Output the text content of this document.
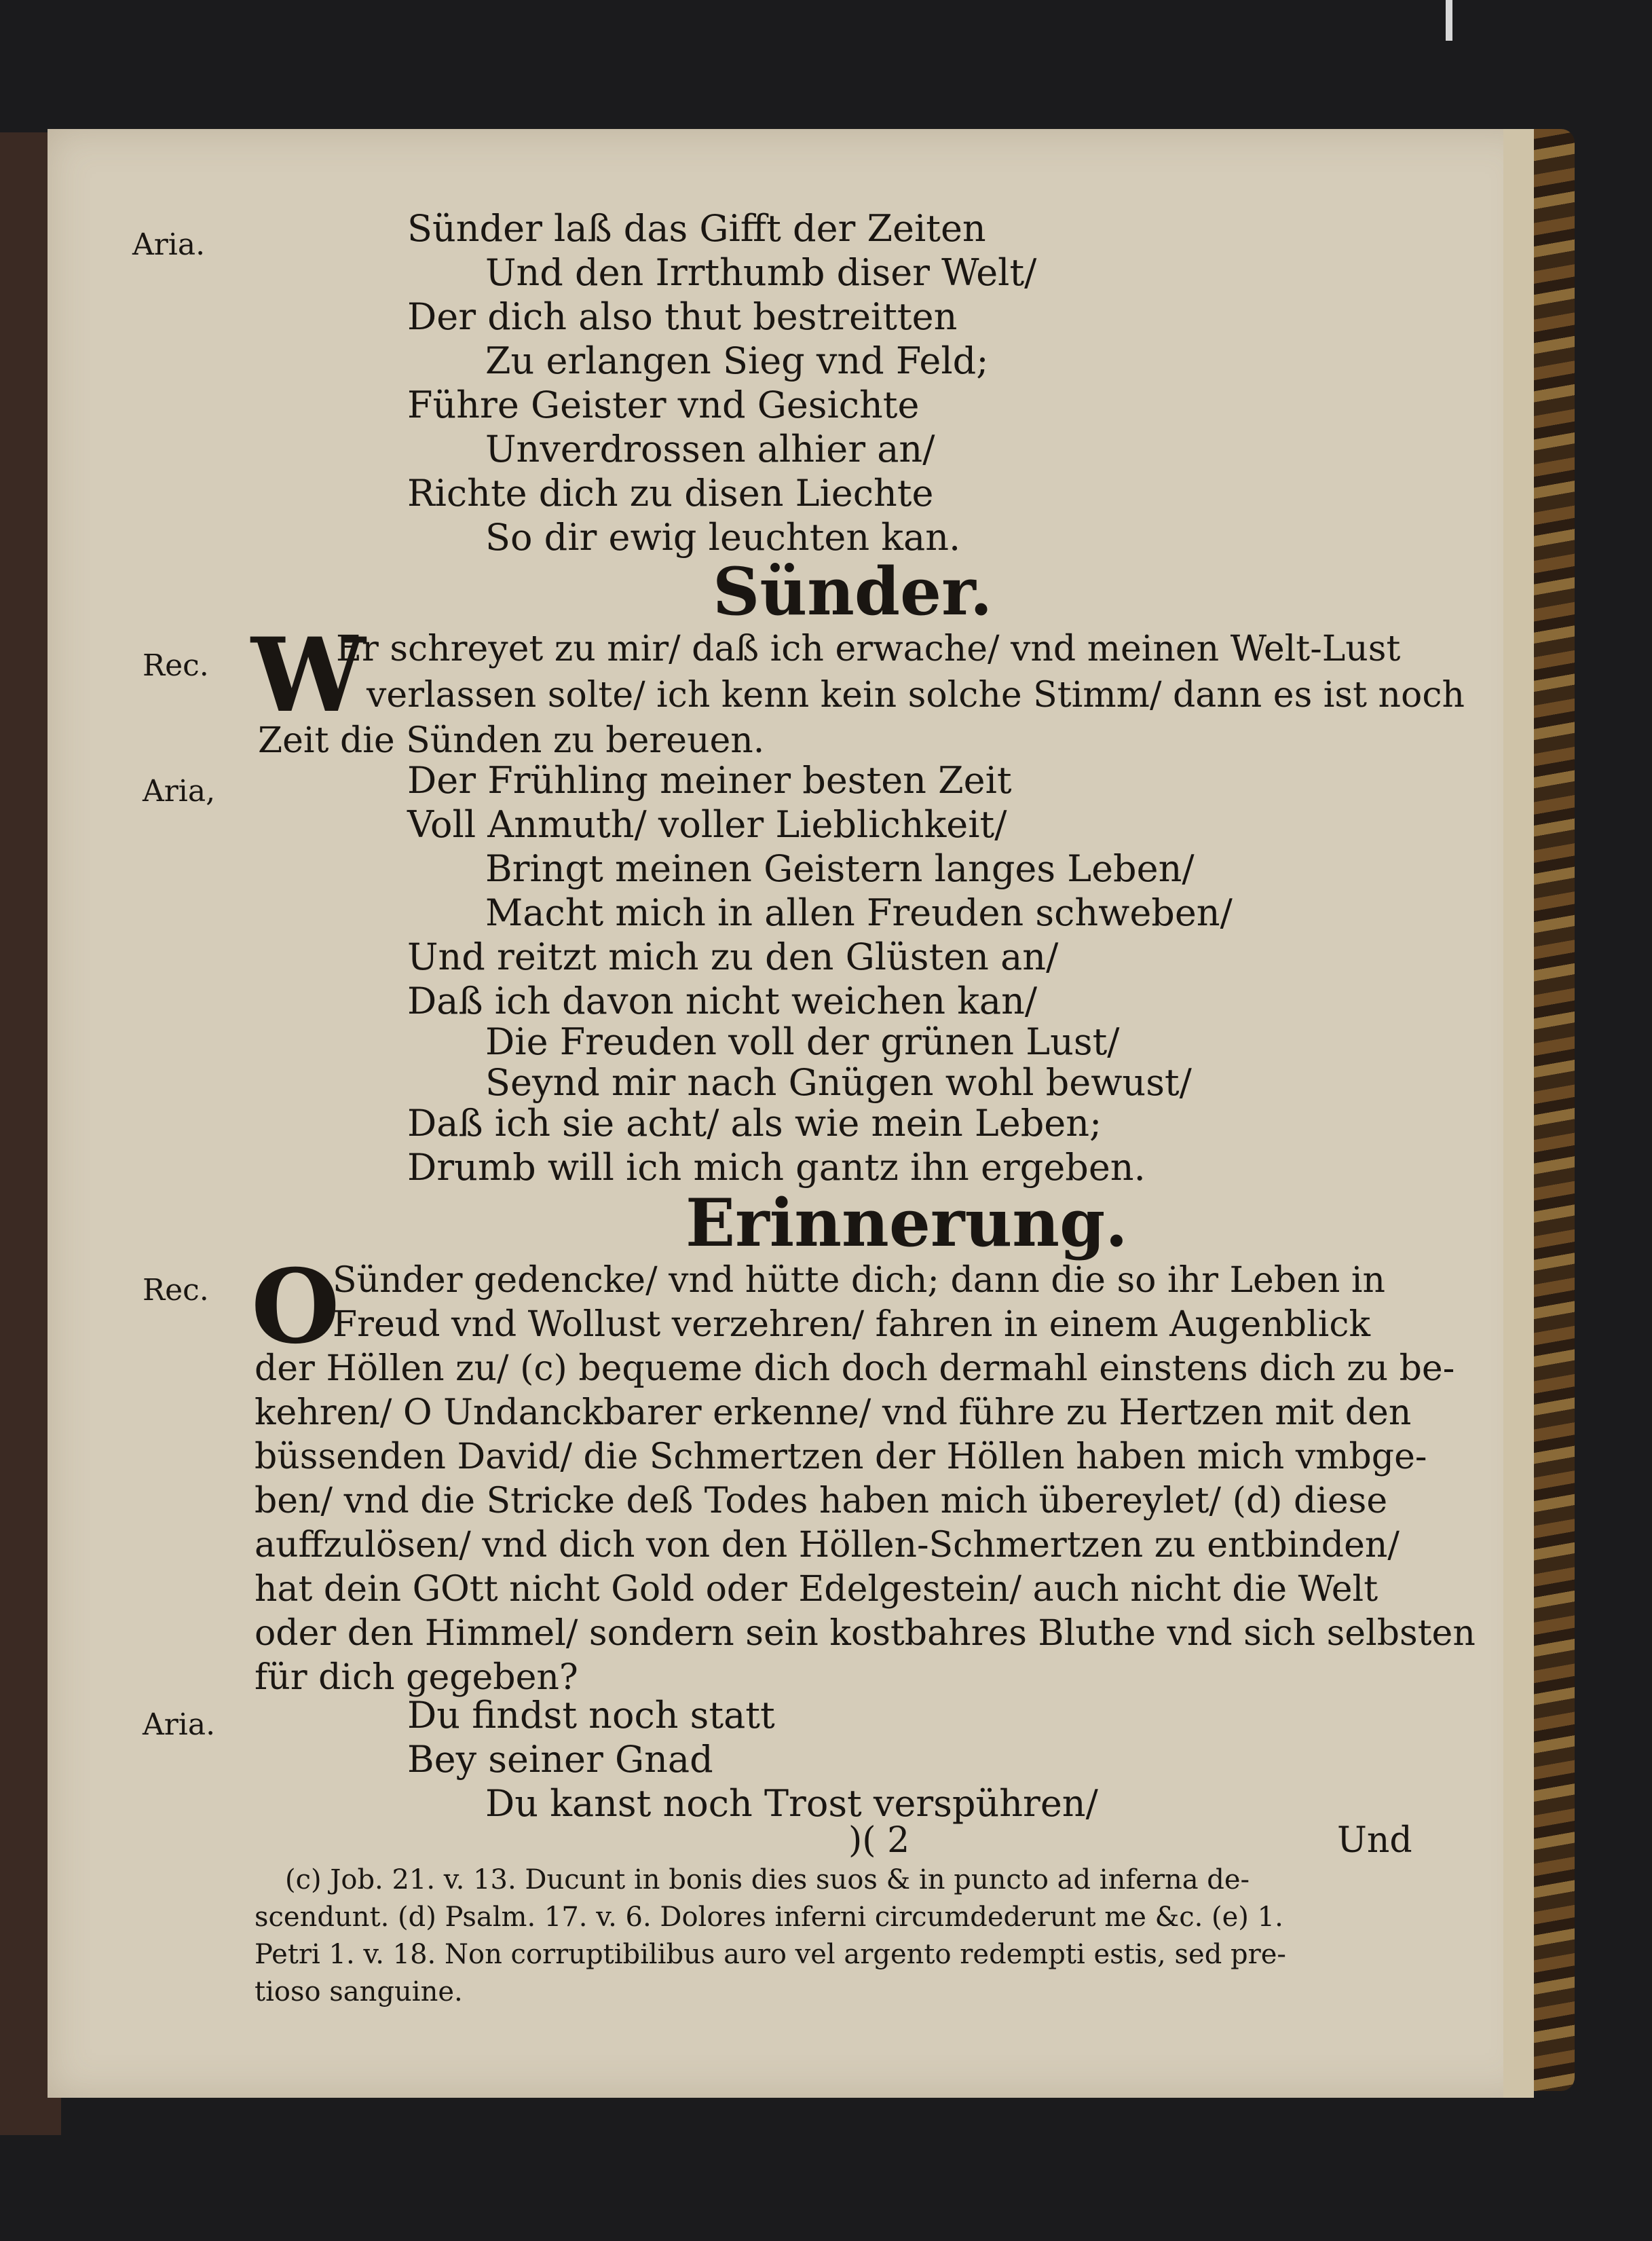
Aria.	Sünder laß das Gifft der Zeiten
Und den Irrthumb diser Welt/
Der dich also thut bestreitten
Zu erlangen Sieg vnd Feld;
Führe Geister vnd Gesichte
Unverdrossen alhier an/
Richte dich zu disen Liechte
So dir ewig leuchten kan.
Sünder.
Rec. W
Er schreyet zu mir/ daß ich erwache/ vnd meinen Welt-Lust
verlassen solte/ ich kenn kein solche Stimm/ dann es ist noch
Zeit die Sünden zu bereuen.
Aria,	Der Frühling meiner besten Zeit
Voll Anmuth/ voller Lieblichkeit/
Bringt meinen Geistern langes Leben/
Macht mich in allen Freuden schweben/
Und reitzt mich zu den Glüsten an/
Daß ich davon nicht weichen kan/
Die Freuden voll der grünen Lust/
Seynd mir nach Gnügen wohl bewust/
Daß ich sie acht/ als wie mein Leben;
Drumb will ich mich gantz ihn ergeben.
Erinnerung.
Rec. O
Sünder gedencke/ vnd hütte dich; dann die so ihr Leben in
Freud vnd Wollust verzehren/ fahren in einem Augenblick
der Höllen zu/ (c) bequeme dich doch dermahl einstens dich zu be-
kehren/ O Undanckbarer erkenne/ vnd führe zu Hertzen mit den
büssenden David/ die Schmertzen der Höllen haben mich vmbge-
ben/ vnd die Stricke deß Todes haben mich übereylet/ (d) diese
auffzulösen/ vnd dich von den Höllen-Schmertzen zu entbinden/
hat dein GOtt nicht Gold oder Edelgestein/ auch nicht die Welt
oder den Himmel/ sondern sein kostbahres Bluthe vnd sich selbsten
für dich gegeben?
Aria.	Du findst noch statt
Bey seiner Gnad
Du kanst noch Trost verspühren/
)( 2	Und
(c) Job. 21. v. 13. Ducunt in bonis dies suos & in puncto ad inferna de-
scendunt. (d) Psalm. 17. v. 6. Dolores inferni circumdederunt me &c. (e) 1.
Petri 1. v. 18. Non corruptibilibus auro vel argento redempti estis, sed pre-
tioso sanguine.
